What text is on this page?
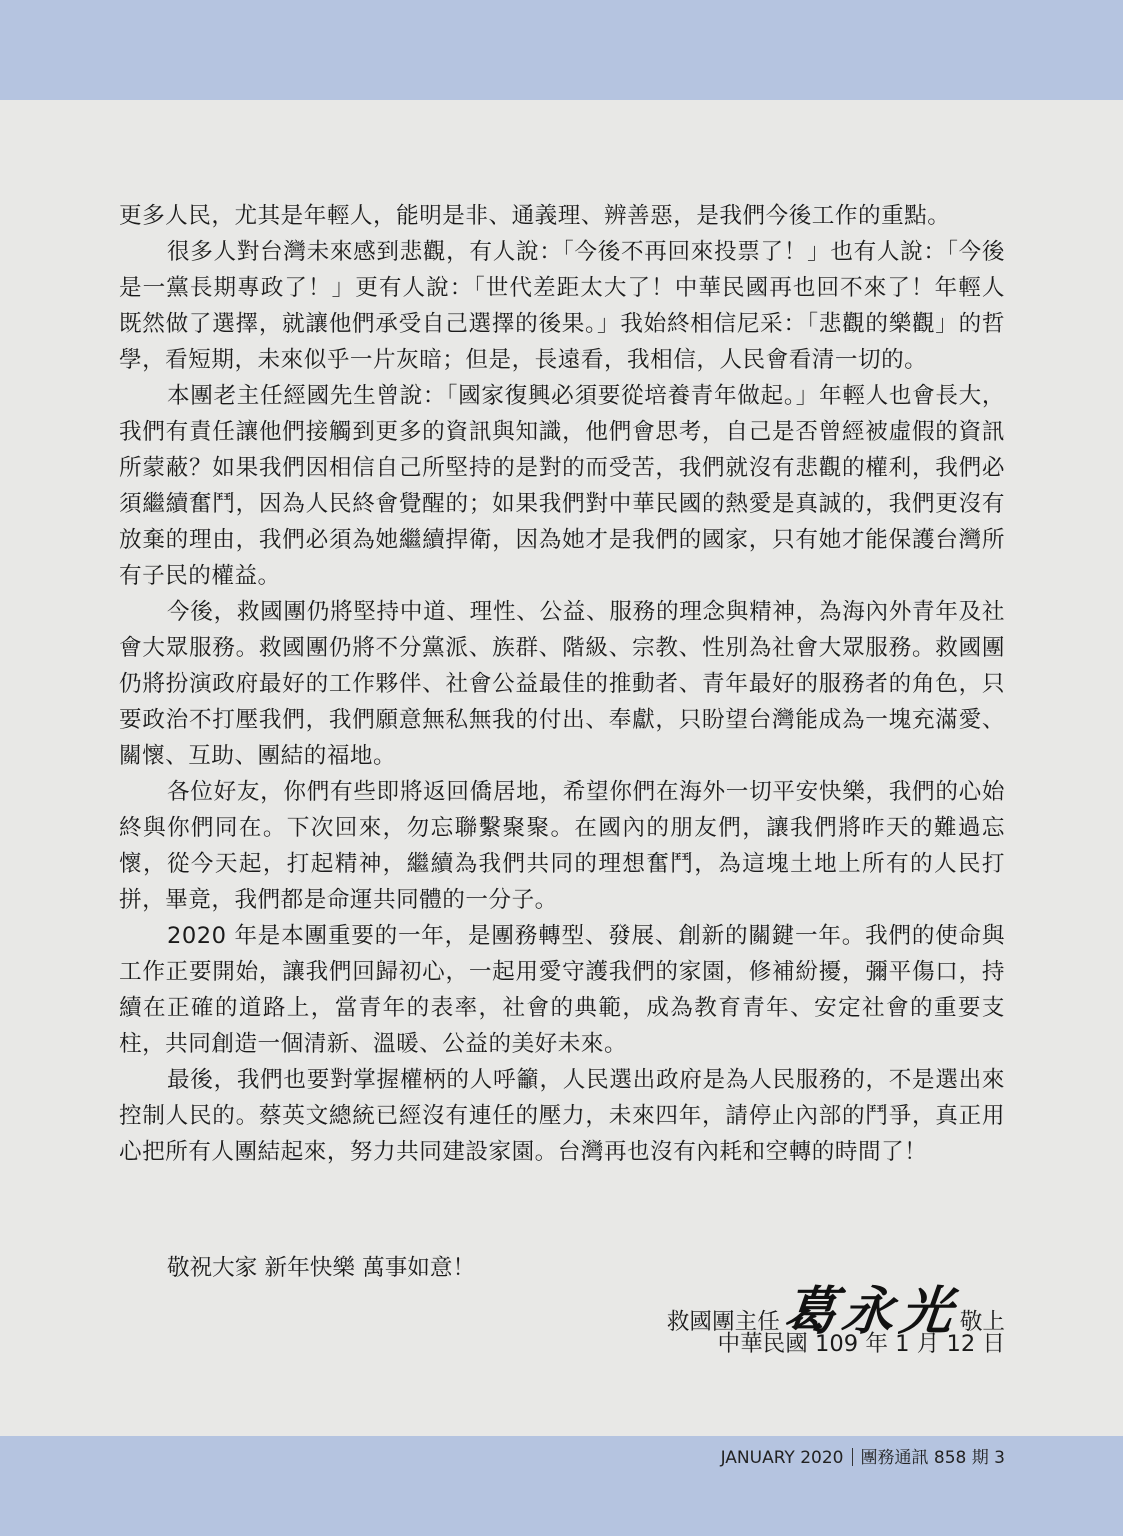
更多人民，尤其是年輕人，能明是非、通義理、辨善惡，是我們今後工作的重點。

很多人對台灣未來感到悲觀，有人說：「今後不再回來投票了！」也有人說：「今後是一黨長期專政了！」更有人說：「世代差距太大了！中華民國再也回不來了！年輕人既然做了選擇，就讓他們承受自己選擇的後果。」我始終相信尼采：「悲觀的樂觀」的哲學，看短期，未來似乎一片灰暗；但是，長遠看，我相信，人民會看清一切的。

本團老主任經國先生曾說：「國家復興必須要從培養青年做起。」年輕人也會長大，我們有責任讓他們接觸到更多的資訊與知識，他們會思考，自己是否曾經被虛假的資訊所蒙蔽？如果我們因相信自己所堅持的是對的而受苦，我們就沒有悲觀的權利，我們必須繼續奮鬥，因為人民終會覺醒的；如果我們對中華民國的熱愛是真誠的，我們更沒有放棄的理由，我們必須為她繼續捍衛，因為她才是我們的國家，只有她才能保護台灣所有子民的權益。

今後，救國團仍將堅持中道、理性、公益、服務的理念與精神，為海內外青年及社會大眾服務。救國團仍將不分黨派、族群、階級、宗教、性別為社會大眾服務。救國團仍將扮演政府最好的工作夥伴、社會公益最佳的推動者、青年最好的服務者的角色，只要政治不打壓我們，我們願意無私無我的付出、奉獻，只盼望台灣能成為一塊充滿愛、關懷、互助、團結的福地。

各位好友，你們有些即將返回僑居地，希望你們在海外一切平安快樂，我們的心始終與你們同在。下次回來，勿忘聯繫聚聚。在國內的朋友們，讓我們將昨天的難過忘懷，從今天起，打起精神，繼續為我們共同的理想奮鬥，為這塊土地上所有的人民打拼，畢竟，我們都是命運共同體的一分子。

2020 年是本團重要的一年，是團務轉型、發展、創新的關鍵一年。我們的使命與工作正要開始，讓我們回歸初心，一起用愛守護我們的家園，修補紛擾，彌平傷口，持續在正確的道路上，當青年的表率，社會的典範，成為教育青年、安定社會的重要支柱，共同創造一個清新、溫暖、公益的美好未來。

最後，我們也要對掌握權柄的人呼籲，人民選出政府是為人民服務的，不是選出來控制人民的。蔡英文總統已經沒有連任的壓力，未來四年，請停止內部的鬥爭，真正用心把所有人團結起來，努力共同建設家園。台灣再也沒有內耗和空轉的時間了！

敬祝大家 新年快樂 萬事如意！
救國團主任 葛永光
敬上
中華民國 109 年 1 月 12 日
JANUARY 2020 團務通訊 858 期 3
